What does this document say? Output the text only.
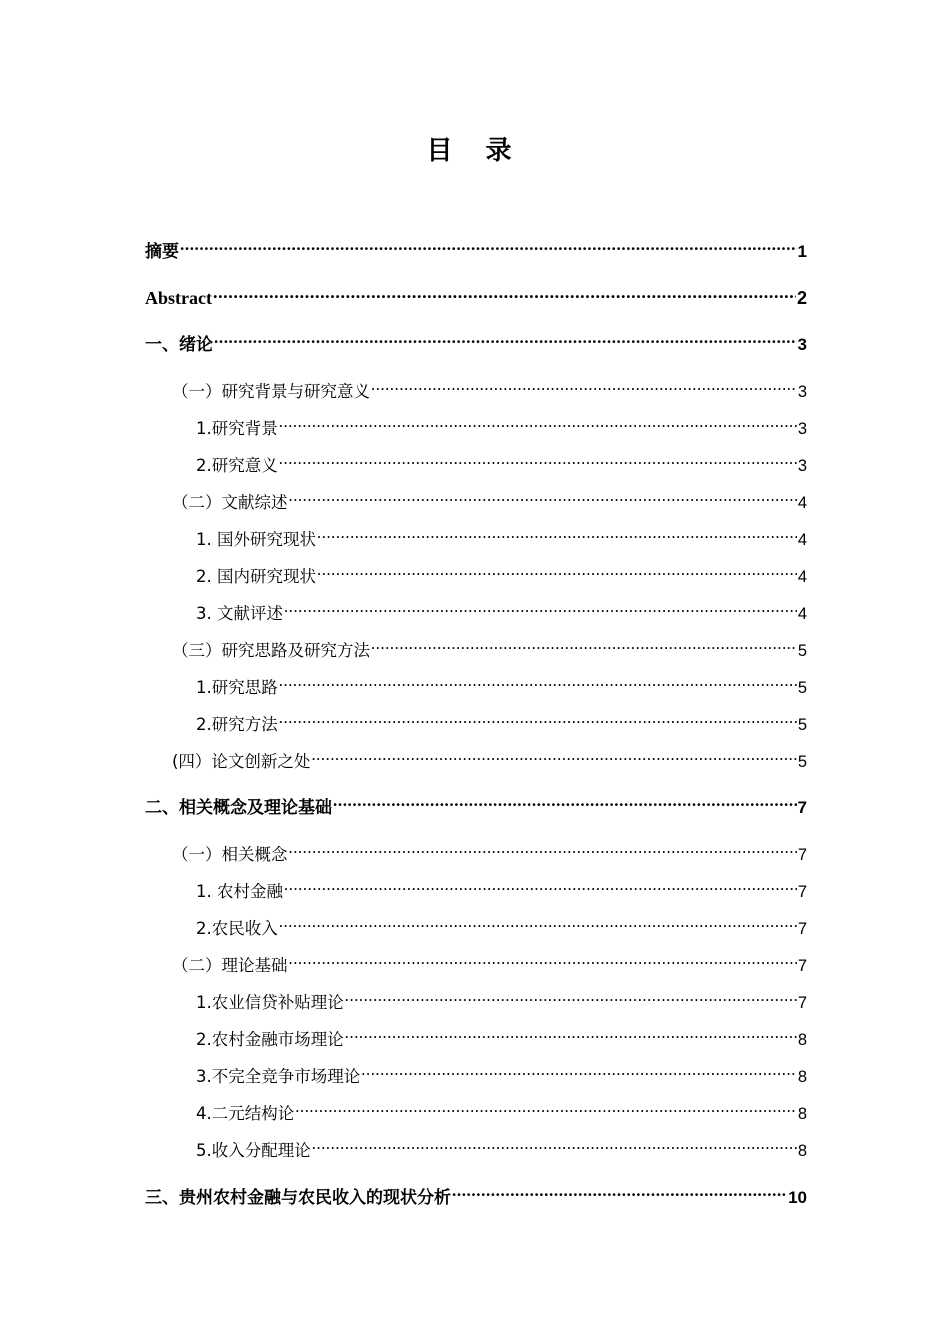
目 录
摘要 .....	1
Abstract .....	2
一、绪论 .....	3
（一）研究背景与研究意义 .....	3
1.研究背景 .....	3
2.研究意义 .....	3
（二）文献综述 .....	4
1. 国外研究现状 .....	4
2. 国内研究现状 .....	4
3. 文献评述 .....	4
（三）研究思路及研究方法 .....	5
1.研究思路 .....	5
2.研究方法 .....	5
(四）论文创新之处 .....	5
二、相关概念及理论基础 .....	7
（一）相关概念 .....	7
1. 农村金融 .....	7
2.农民收入 .....	7
（二）理论基础 .....	7
1.农业信贷补贴理论 .....	7
2.农村金融市场理论 .....	8
3.不完全竞争市场理论 .....	8
4.二元结构论 .....	8
5.收入分配理论 .....	8
三、贵州农村金融与农民收入的现状分析 .....	10
